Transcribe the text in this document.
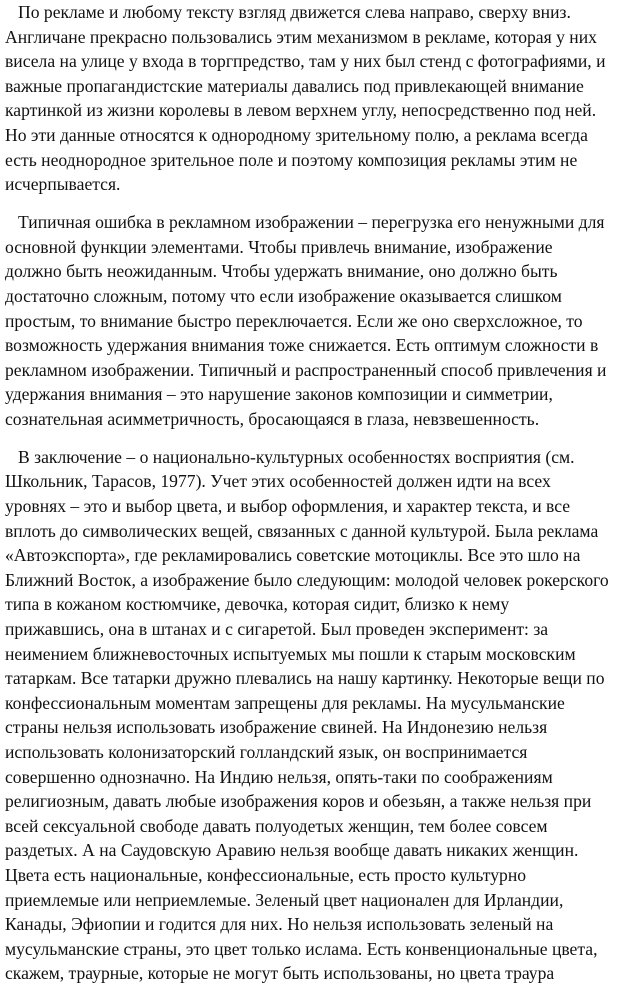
По рекламе и любому тексту взгляд движется слева направо, сверху вниз.
Англичане прекрасно пользовались этим механизмом в рекламе, которая у них
висела на улице у входа в торгпредство, там у них был стенд с фотографиями, и
важные пропагандистские материалы давались под привлекающей внимание
картинкой из жизни королевы в левом верхнем углу, непосредственно под ней.
Но эти данные относятся к однородному зрительному полю, а реклама всегда
есть неоднородное зрительное поле и поэтому композиция рекламы этим не
исчерпывается.
Типичная ошибка в рекламном изображении – перегрузка его ненужными для
основной функции элементами. Чтобы привлечь внимание, изображение
должно быть неожиданным. Чтобы удержать внимание, оно должно быть
достаточно сложным, потому что если изображение оказывается слишком
простым, то внимание быстро переключается. Если же оно сверхсложное, то
возможность удержания внимания тоже снижается. Есть оптимум сложности в
рекламном изображении. Типичный и распространенный способ привлечения и
удержания внимания – это нарушение законов композиции и симметрии,
сознательная асимметричность, бросающаяся в глаза, невзвешенность.
В заключение – о национально-культурных особенностях восприятия (см.
Школьник, Тарасов, 1977). Учет этих особенностей должен идти на всех
уровнях – это и выбор цвета, и выбор оформления, и характер текста, и все
вплоть до символических вещей, связанных с данной культурой. Была реклама
«Автоэкспорта», где рекламировались советские мотоциклы. Все это шло на
Ближний Восток, а изображение было следующим: молодой человек рокерского
типа в кожаном костюмчике, девочка, которая сидит, близко к нему
прижавшись, она в штанах и с сигаретой. Был проведен эксперимент: за
неимением ближневосточных испытуемых мы пошли к старым московским
татаркам. Все татарки дружно плевались на нашу картинку. Некоторые вещи по
конфессиональным моментам запрещены для рекламы. На мусульманские
страны нельзя использовать изображение свиней. На Индонезию нельзя
использовать колонизаторский голландский язык, он воспринимается
совершенно однозначно. На Индию нельзя, опять-таки по соображениям
религиозным, давать любые изображения коров и обезьян, а также нельзя при
всей сексуальной свободе давать полуодетых женщин, тем более совсем
раздетых. А на Саудовскую Аравию нельзя вообще давать никаких женщин.
Цвета есть национальные, конфессиональные, есть просто культурно
приемлемые или неприемлемые. Зеленый цвет национален для Ирландии,
Канады, Эфиопии и годится для них. Но нельзя использовать зеленый на
мусульманские страны, это цвет только ислама. Есть конвенциональные цвета,
скажем, траурные, которые не могут быть использованы, но цвета траура
